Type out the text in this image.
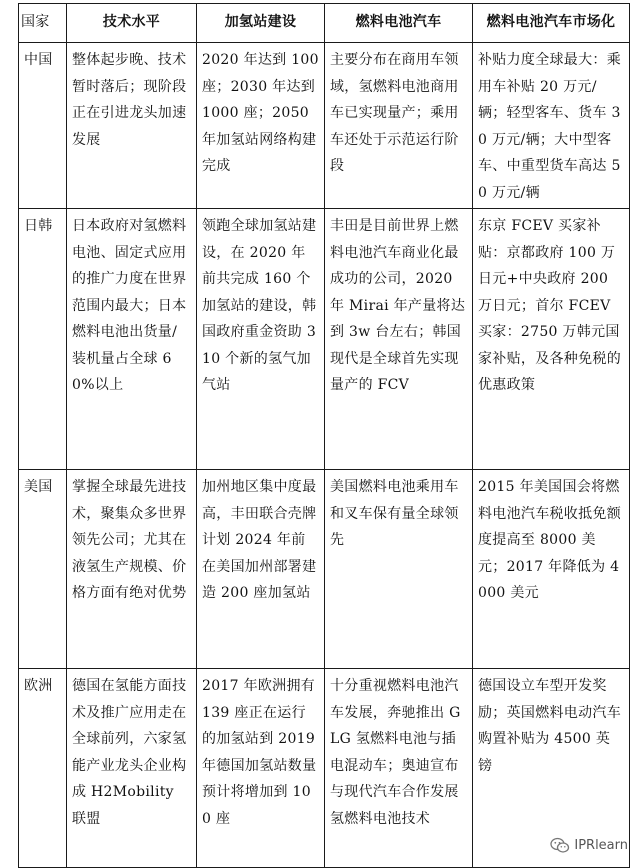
国家	技术水平	加氢站建设	燃料电池汽车	燃料电池汽车市场化
中国	整体起步晚、技术暂时落后；现阶段正在引进龙头加速发展	2020 年达到 100 座；2030 年达到 1000 座；2050 年加氢站网络构建完成	主要分布在商用车领域，氢燃料电池商用车已实现量产；乘用车还处于示范运行阶段	补贴力度全球最大：乘用车补贴 20 万元/辆；轻型客车、货车 30 万元/辆；大中型客车、中重型货车高达 50 万元/辆
日韩	日本政府对氢燃料电池、固定式应用的推广力度在世界范围内最大；日本燃料电池出货量/装机量占全球 60%以上	领跑全球加氢站建设，在 2020 年前共完成 160 个加氢站的建设，韩国政府重金资助 310 个新的氢气加气站	丰田是目前世界上燃料电池汽车商业化最成功的公司，2020 年 Mirai 年产量将达到 3w 台左右；韩国现代是全球首先实现量产的 FCV	东京 FCEV 买家补贴：京都政府 100 万日元+中央政府 200 万日元；首尔 FCEV 买家：2750 万韩元国家补贴，及各种免税的优惠政策
美国	掌握全球最先进技术，聚集众多世界领先公司；尤其在液氢生产规模、价格方面有绝对优势	加州地区集中度最高，丰田联合壳牌计划 2024 年前在美国加州部署建造 200 座加氢站	美国燃料电池乘用车和叉车保有量全球领先	2015 年美国国会将燃料电池汽车税收抵免额度提高至 8000 美元；2017 年降低为 4000 美元
欧洲	德国在氢能方面技术及推广应用走在全球前列，六家氢能产业龙头企业构成 H2Mobility 联盟	2017 年欧洲拥有 139 座正在运行的加氢站到 2019 年德国加氢站数量预计将增加到 100 座	十分重视燃料电池汽车发展，奔驰推出 GLG 氢燃料电池与插电混动车；奥迪宣布与现代汽车合作发展氢燃料电池技术	德国设立车型开发奖励；英国燃料电动汽车购置补贴为 4500 英镑
IPRlearn
